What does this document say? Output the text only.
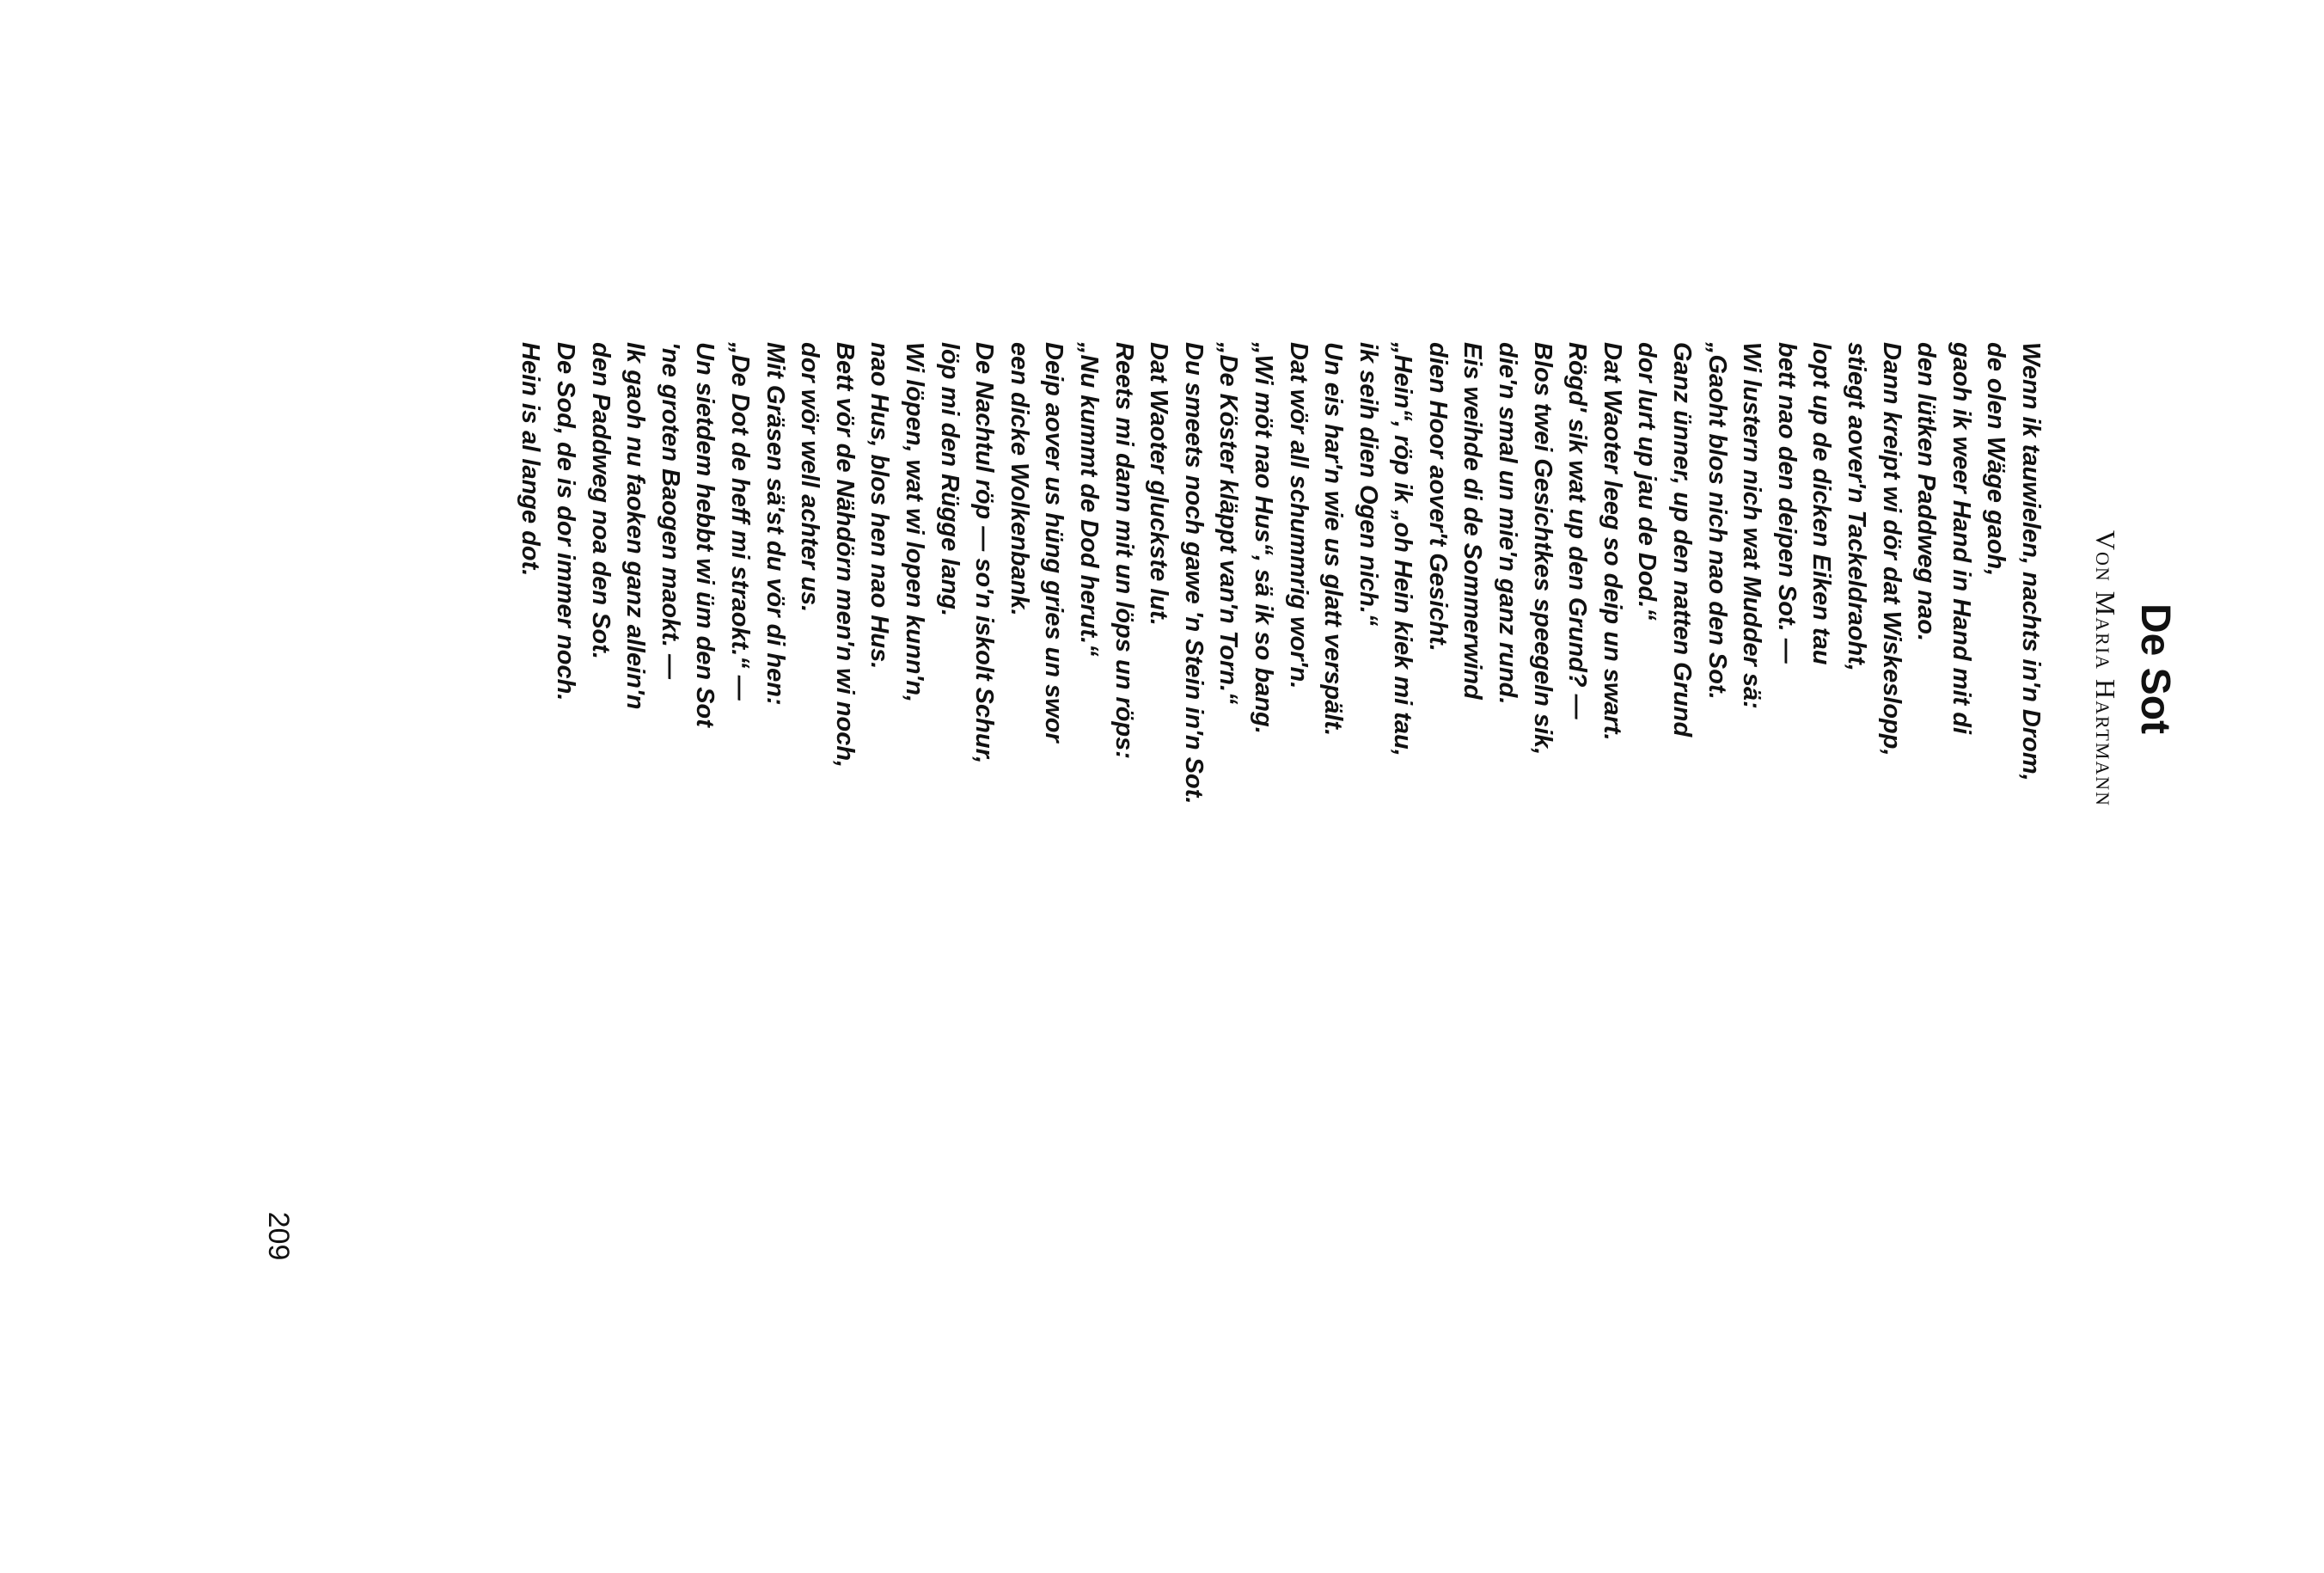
De Sot
Von Maria Hartmann
Wenn ik tauwielen, nachts in'n Drom,
de olen Wäge gaoh,
gaoh ik weer Hand in Hand mit di
den lütken Paddweg nao.
Dann kreipt wi dör dat Wiskeslopp,
stiegt aover'n Tackeldraoht,
lopt up de dicken Eiken tau
bett nao den deipen Sot. —
Wi lustern nich wat Mudder sä:
„Gaoht blos nich nao den Sot.
Ganz ünner, up den natten Grund
dor lurt up jau de Dod.“
Dat Waoter leeg so deip un swart.
Rögd' sik wat up den Grund? —
Blos twei Gesichtkes speegeln sik,
die'n smal un mie'n ganz rund.
Eis weihde di de Sommerwind
dien Hoor aover't Gesicht.
„Hein“, röp ik „oh Hein kiek mi tau,
ik seih dien Ogen nich.“
Un eis har'n wie us glatt verspält.
Dat wör all schummrig wor'n.
„Wi möt nao Hus“, sä ik so bang.
„De Köster kläppt van'n Torn.“
Du smeets noch gawe 'n Stein in'n Sot.
Dat Waoter gluckste lut.
Reets mi dann mit un löps un röps:
„Nu kummt de Dod herut.“
Deip aover us hüng gries un swor
een dicke Wolkenbank.
De Nachtul röp — so'n iskolt Schur,
löp mi den Rügge lang.
Wi löpen, wat wi lopen kunn'n,
nao Hus, blos hen nao Hus.
Bett vör de Nähdörn men'n wi noch,
dor wör well achter us.
Mit Gräsen sä'st du vör di hen:
„De Dot de heff mi straokt.“ —
Un sietdem hebbt wi üm den Sot
'ne groten Baogen maokt. —
Ik gaoh nu faoken ganz allein'n
den Paddweg noa den Sot.
De Sod, de is dor immer noch.
Hein is al lange dot.
209
